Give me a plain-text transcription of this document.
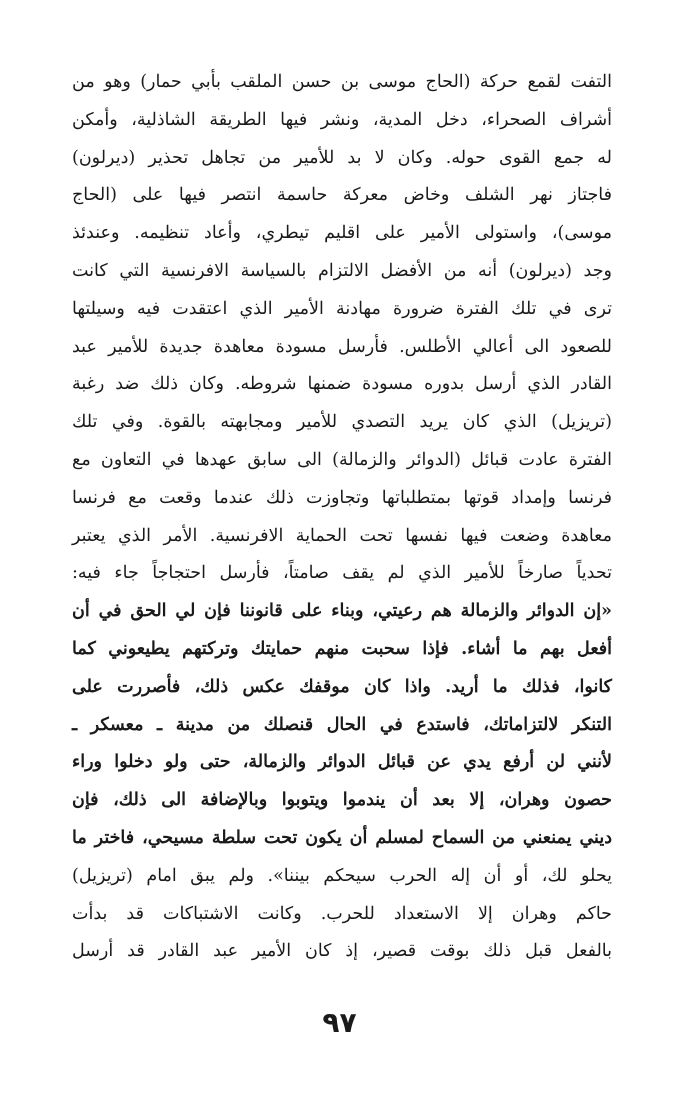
التفت لقمع حركة (الحاج موسى بن حسن الملقب بأبي حمار) وهو من
أشراف الصحراء، دخل المدية، ونشر فيها الطريقة الشاذلية، وأمكن
له جمع القوى حوله. وكان لا بد للأمير من تجاهل تحذير (ديرلون)
فاجتاز نهر الشلف وخاض معركة حاسمة انتصر فيها على (الحاج
موسى)، واستولى الأمير على اقليم تيطري، وأعاد تنظيمه. وعندئذ
وجد (ديرلون) أنه من الأفضل الالتزام بالسياسة الافرنسية التي كانت
ترى في تلك الفترة ضرورة مهادنة الأمير الذي اعتقدت فيه وسيلتها
للصعود الى أعالي الأطلس. فأرسل مسودة معاهدة جديدة للأمير عبد
القادر الذي أرسل بدوره مسودة ضمنها شروطه. وكان ذلك ضد رغبة
(تريزيل) الذي كان يريد التصدي للأمير ومجابهته بالقوة. وفي تلك
الفترة عادت قبائل (الدوائر والزمالة) الى سابق عهدها في التعاون مع
فرنسا وإمداد قوتها بمتطلباتها وتجاوزت ذلك عندما وقعت مع فرنسا
معاهدة وضعت فيها نفسها تحت الحماية الافرنسية. الأمر الذي يعتبر
تحدياً صارخاً للأمير الذي لم يقف صامتاً، فأرسل احتجاجاً جاء فيه:
«إن الدوائر والزمالة هم رعيتي، وبناء على قانوننا فإن لي الحق في أن
أفعل بهم ما أشاء. فإذا سحبت منهم حمايتك وتركتهم يطيعوني كما
كانوا، فذلك ما أريد. واذا كان موقفك عكس ذلك، فأصررت على
التنكر لالتزاماتك، فاستدع في الحال قنصلك من مدينة ـ معسكر ـ
لأنني لن أرفع يدي عن قبائل الدوائر والزمالة، حتى ولو دخلوا وراء
حصون وهران، إلا بعد أن يندموا ويتوبوا وبالإضافة الى ذلك، فإن
ديني يمنعني من السماح لمسلم أن يكون تحت سلطة مسيحي، فاختر ما
يحلو لك، أو أن إله الحرب سيحكم بيننا». ولم يبق امام (تريزيل)
حاكم وهران إلا الاستعداد للحرب. وكانت الاشتباكات قد بدأت
بالفعل قبل ذلك بوقت قصير، إذ كان الأمير عبد القادر قد أرسل
٩٧
